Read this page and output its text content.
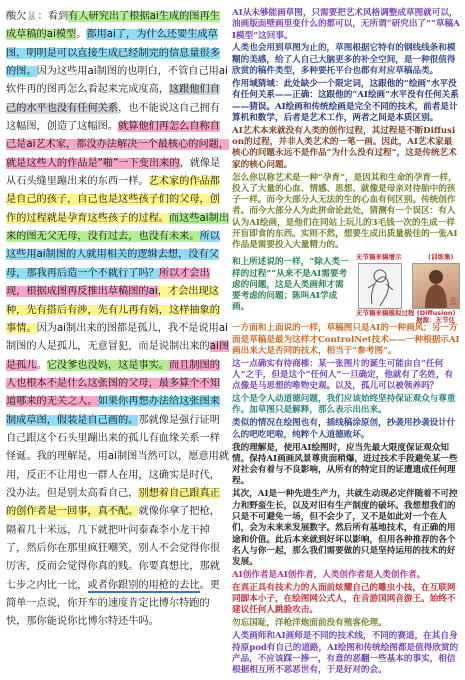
酸欠🐰：看到有人研究出了根据ai生成的图再生成草稿的ai模型。都用ai了，为什么还要生成草图，明明是可以直接生成已经制完的信息量很多的图。因为这些用ai制图的也明白，不管自己用ai软件再的图再怎么看起来完成度高，这跟他们自己的水平也没有任何关系，也不能说这自己拥有这幅图，创造了这幅图。就算他们再怎么自称自己是ai艺术家，都没办法解决一个最核心的问题，就是这些人的作品是“啪”一下变出来的，就像是从石头缝里蹦出来的东西一样。艺术家的作品都是自己的孩子，自己也是这些孩子们的父母，创作的过程就是孕育这些孩子的过程。而这些ai制出来的图无父无母，没有过去，也没有未来。所以这些用ai制图的人就用相关的逻辑去想，没有父母，那我再后造一个不就行了吗？所以才会出现，根据成图再反推出草稿图的ai，才会出现这种，先有搭后有涉，先有儿再有妈，这样抽象的事情。因为ai制出来的图都是孤儿，我不是说用ai制图的人是孤儿，无意冒犯，而是说制出来的ai图是孤儿。它没爹也没妈，这是事实。而且制图的人也根本不是什么这张图的父母，最多算个不知道哪来的无关之人。如果你再想办法给这张图来制成草图，假装是自己画的。那就像是强行证明自己跟这个石头里蹦出来的孤儿有血缘关系一样怪诞。我的理解是，用ai制图当然可以，愿意用就用，反正不让用也一群人在用，这确实是时代，没办法。但是别太高看自己，别想着自己跟真正的创作者是一回事，真不配。就像你拿了把枪，隔着几十米远，几下就把叶问泰森李小龙干掉了，然后你在那里疯狂嘲笑，别人不会觉得你很厉害，反而会觉得你真的贱。你要真想比，那就七步之内比一比，或者你跟别的用枪的去比。更简单一点说，你开车的速度肯定比博尔特跑的快，那你能说你比博尔特还牛吗。

AI从未够能画草图，只需要把艺术风格调整成草图就可以，油画版面壁画里变什么的都可以，无所谓“研究出了”“草稿AI模型”这回事。

人类也会用到草图为止的，草图根据它特有的钢线线条和模糊的美感，给了人自己大脑更多的补全空间，是一种很值得欣赏的稿件类型，多种要托平台也都有对应草稿品类。

作用域猜域：此处缺少一个限定词，这跟他的“绘画”水平没有任何关系——正确：这跟他的“AI绘画”水平没有任何关系——猜误。AI绘画和传统绘画是完全不同的技术，前者是计算机和数学，后者是艺术工作，两者之间是本质区别。

AI艺术本来就没有人类的创作过程，其过程是不断Diffusion的过程，并非人类艺术的一笔一画。因此，AI艺术家最核心的问题永远不是作品“为什么没有过程”，这是传统艺术家的核心问题。

怎么你以称艺术是一种“孕育”，是因其和生命的孕育一样，投入了大量的心血、情感、思想、就像是母亲对待胎中的孩子一样。而今大部分人无法的生的心血有何区别。传统创作者。而今大部分人为此拼命论此处，猜测有一个误区：有人认为AI绘画，是他们在同站上玩儿的3毛钱一次的生成一样开盲即食的东西。实则不然，想要生成出质量极佳的一张AI作品是需要投入大量精力的。

和上所述说的一样，“除人类一样的过程”“从来不是AI需要考虑的问题，这是人类画师才需要考虑的问题；陈叫AI学成画。

无节稿来稿增示	(训练集)
去
无节稿来稿模拟过程 (Diffusion)
据源：无节住

一方面和上面说的一样，草稿图只是AI的一种画风；另一方面是草稿是最为这样才ControlNet技术——一种根据示AI画出来大是否同的技术，相当于“参考图”。

这一点确实有待商榷：某一张图片的诞生可能由自“任何人”之手，但是这个“任何人”一旦确定，他就有了名姓，有点像是马思想的唯物史观。以及，孤儿可以被领养吗？

这个是令人动道德问题，我们应该始终坚持保证观众与尊重作。加草图只是解释，那么表示出出来。

类似的情况在绘图也有，插线稿涂原创，抄袭用抄袭设计什么的吧吃吧啦，纯粹个人道德败坏。

我的理解是，使用AI绘图时，应当先最大限度保证观众知情。保持AI画画风景尊贵面稍爆，进过技术手段避免某一些对社会有着与不良影响，从所有的特定目的证遭遗成任何理程。

其次，AI是一种先进生产力，共就生动现必定伴随着不可控力和野蛮生长，以及对旧有生产制度的破坏。我想想我们的只是不可避免一场，但不会少了，又不是如此对一个在人们，会为未来来发展数字。然后所有基地技术，有正确的用途和价值。此后本来就到好坏以影响，但用各种推荐的各个名人与你一起，那么我们需要做的只是坚持运用的技术的好发展。

AI创作者是AI创作者，人类创作者是人类创作者。

在真正具有技术力的人面前炫耀自己的雕虫小技，在互联网同脚本小子，在绘图网公式人，在音游国网音游王。始终不建议任何人跳脸攻击。

勿忘国耻，洋枪洋炮面前没有殖客伦理。

人类画师和AI画师是不同的技术线，不同的赛道，在其自身持原pod有自己的道路，AI绘图和传统绘图都是值得欣赏的产品，不应该踩一捧一，有意的恶翻一些基本的事实，相信根据相互所不恶恶世有，于是好对的会。
